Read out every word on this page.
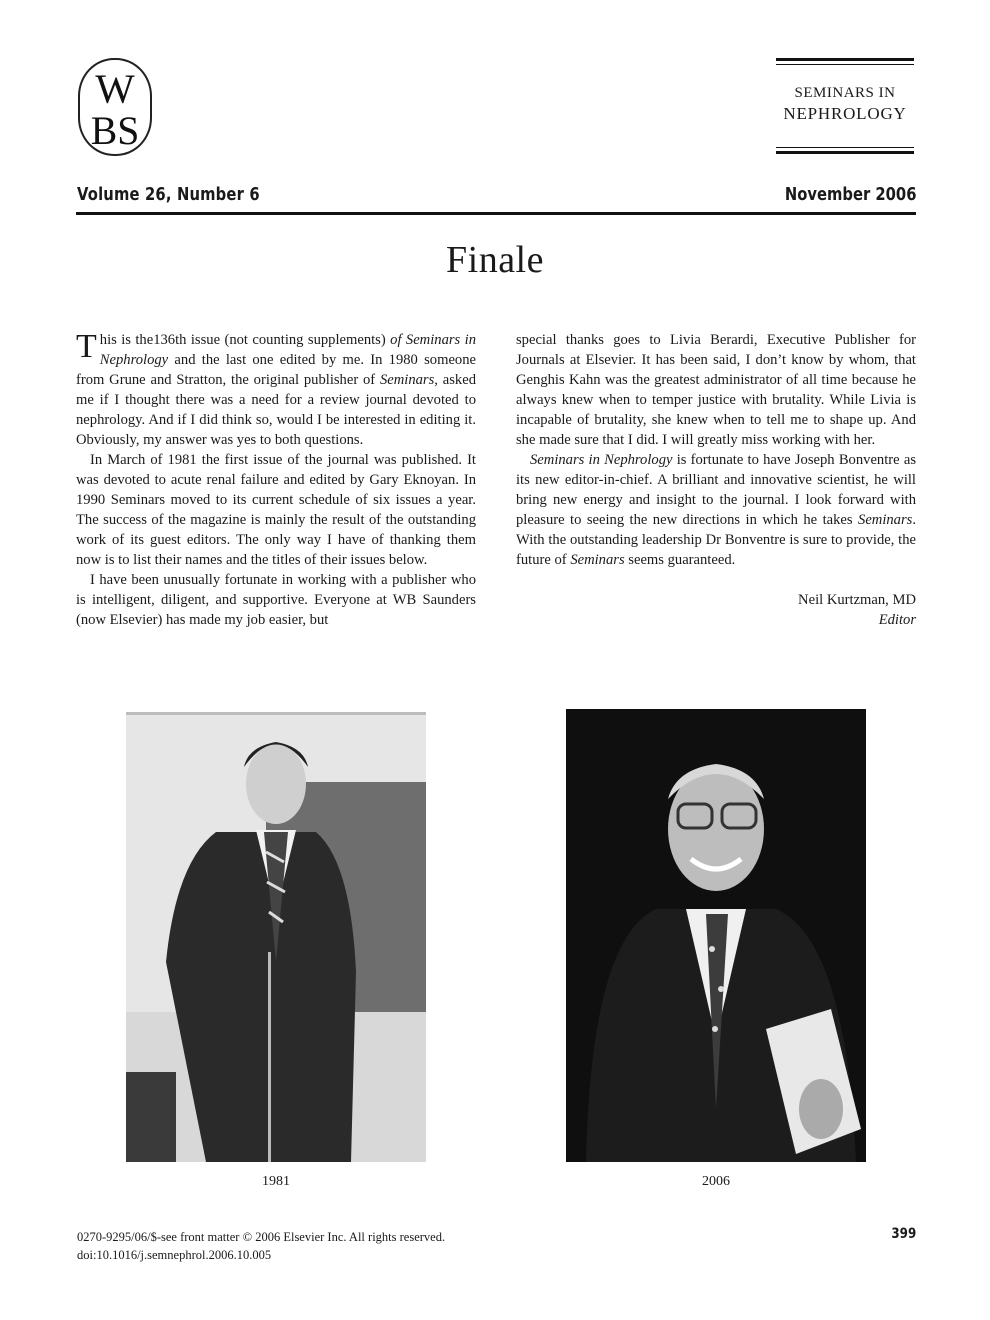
W
BS
SEMINARS IN
NEPHROLOGY
Volume 26, Number 6	November 2006
Finale

This is the136th issue (not counting supplements) of Seminars in Nephrology and the last one edited by me. In 1980 someone from Grune and Stratton, the original publisher of Seminars, asked me if I thought there was a need for a review journal devoted to nephrology. And if I did think so, would I be interested in editing it. Obviously, my answer was yes to both questions.

In March of 1981 the first issue of the journal was published. It was devoted to acute renal failure and edited by Gary Eknoyan. In 1990 Seminars moved to its current schedule of six issues a year. The success of the magazine is mainly the result of the outstanding work of its guest editors. The only way I have of thanking them now is to list their names and the titles of their issues below.

I have been unusually fortunate in working with a publisher who is intelligent, diligent, and supportive. Everyone at WB Saunders (now Elsevier) has made my job easier, but

special thanks goes to Livia Berardi, Executive Publisher for Journals at Elsevier. It has been said, I don’t know by whom, that Genghis Kahn was the greatest administrator of all time because he always knew when to temper justice with brutality. While Livia is incapable of brutality, she knew when to tell me to shape up. And she made sure that I did. I will greatly miss working with her.

Seminars in Nephrology is fortunate to have Joseph Bonventre as its new editor-in-chief. A brilliant and innovative scientist, he will bring new energy and insight to the journal. I look forward with pleasure to seeing the new directions in which he takes Seminars. With the outstanding leadership Dr Bonventre is sure to provide, the future of Seminars seems guaranteed.

Neil Kurtzman, MD
Editor
1981	2006
0270-9295/06/$-see front matter © 2006 Elsevier Inc. All rights reserved.
doi:10.1016/j.semnephrol.2006.10.005
399
